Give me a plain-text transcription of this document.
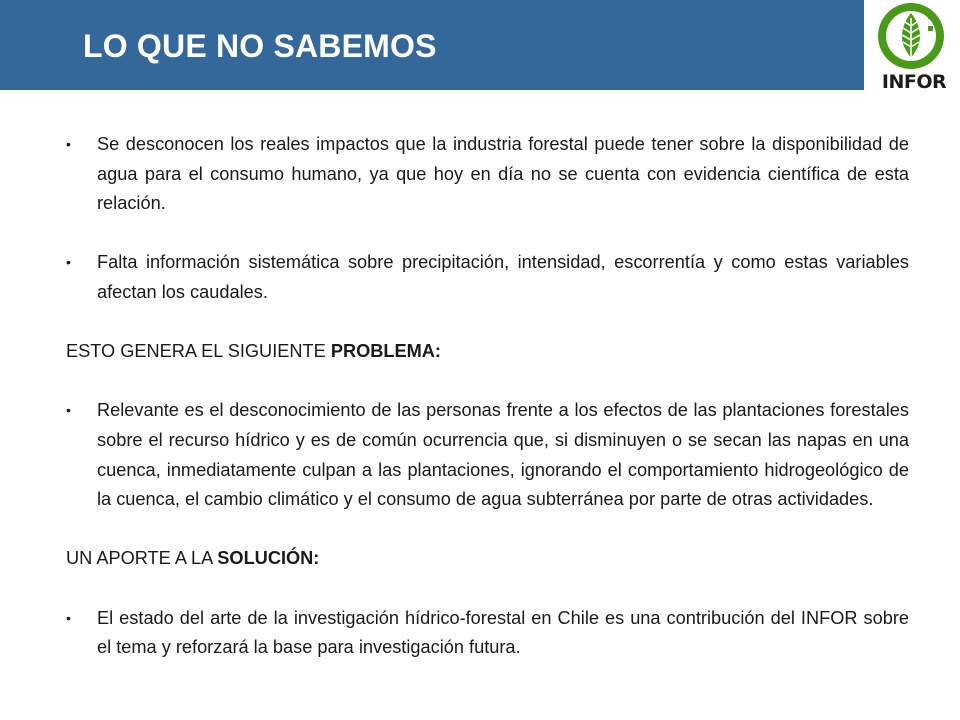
LO QUE NO SABEMOS
INFOR
• Se desconocen los reales impactos que la industria forestal puede tener sobre la disponibilidad de agua para el consumo humano, ya que hoy en día no se cuenta con evidencia científica de esta relación.
• Falta información sistemática sobre precipitación, intensidad, escorrentía y como estas variables afectan los caudales.

ESTO GENERA EL SIGUIENTE PROBLEMA:

• Relevante es el desconocimiento de las personas frente a los efectos de las plantaciones forestales sobre el recurso hídrico y es de común ocurrencia que, si disminuyen o se secan las napas en una cuenca, inmediatamente culpan a las plantaciones, ignorando el comportamiento hidrogeológico de la cuenca, el cambio climático y el consumo de agua subterránea por parte de otras actividades.

UN APORTE A LA SOLUCIÓN:

• El estado del arte de la investigación hídrico-forestal en Chile es una contribución del INFOR sobre el tema y reforzará la base para investigación futura.
